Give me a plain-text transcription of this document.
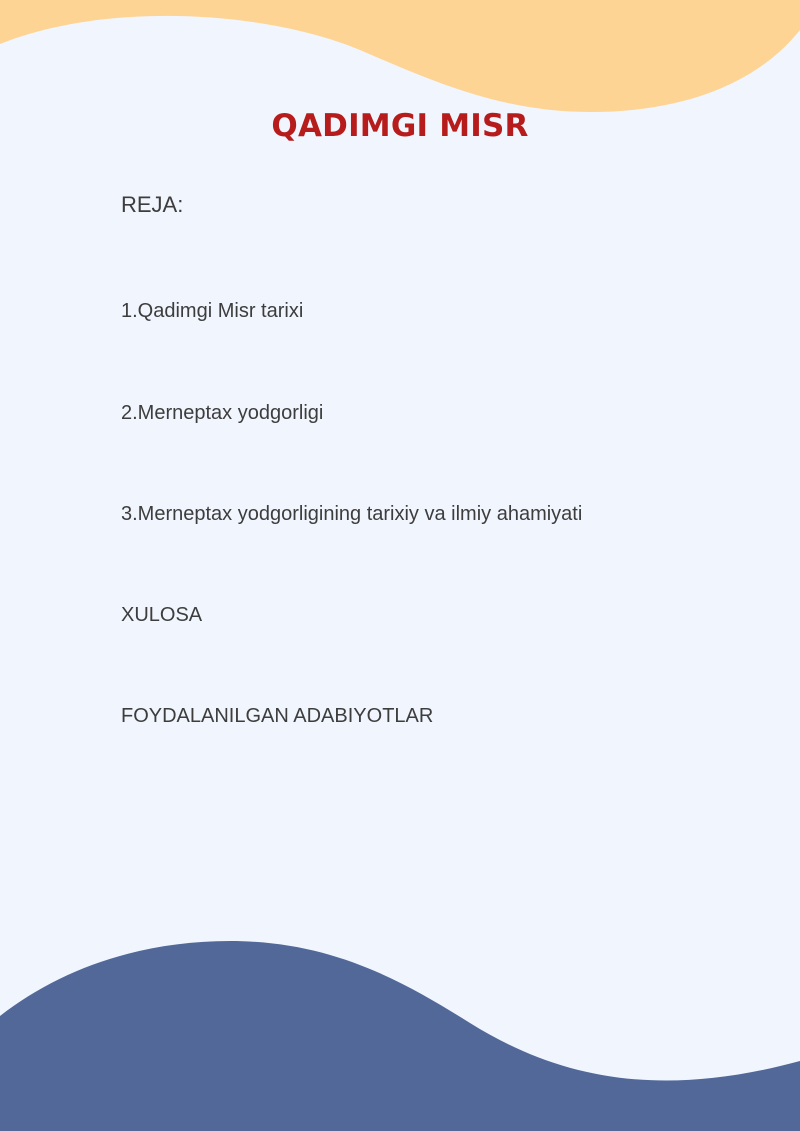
QADIMGI MISR

REJA:

1.Qadimgi Misr tarixi

2.Merneptax yodgorligi

3.Merneptax yodgorligining tarixiy va ilmiy ahamiyati

XULOSA

FOYDALANILGAN ADABIYOTLAR
